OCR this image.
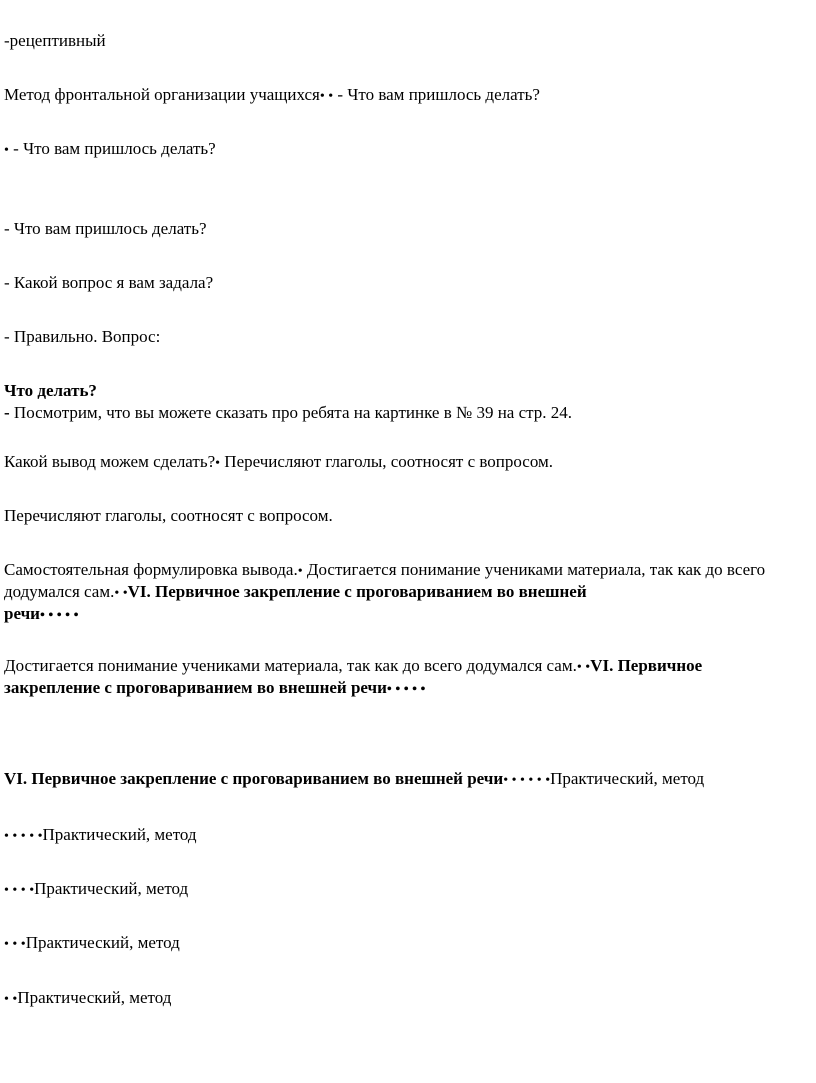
-рецептивный
Метод фронтальной организации учащихся• • - Что вам пришлось делать?
• - Что вам пришлось делать?
- Что вам пришлось делать?
- Какой вопрос я вам задала?
- Правильно. Вопрос:
Что делать?
- Посмотрим, что вы можете сказать про ребята на картинке в № 39 на стр. 24.
Какой вывод можем сделать?• Перечисляют глаголы, соотносят с вопросом.
Перечисляют глаголы, соотносят с вопросом.
Самостоятельная формулировка вывода.• Достигается понимание учениками материала, так как до всего
додумался сам.• •VI. Первичное закрепление с проговариванием во внешней
речи• • • • •
Достигается понимание учениками материала, так как до всего додумался сам.• •VI. Первичное
закрепление с проговариванием во внешней речи• • • • •
VI. Первичное закрепление с проговариванием во внешней речи• • • • • •Практический, метод
• • • • •Практический, метод
• • • •Практический, метод
• • •Практический, метод
• •Практический, метод
